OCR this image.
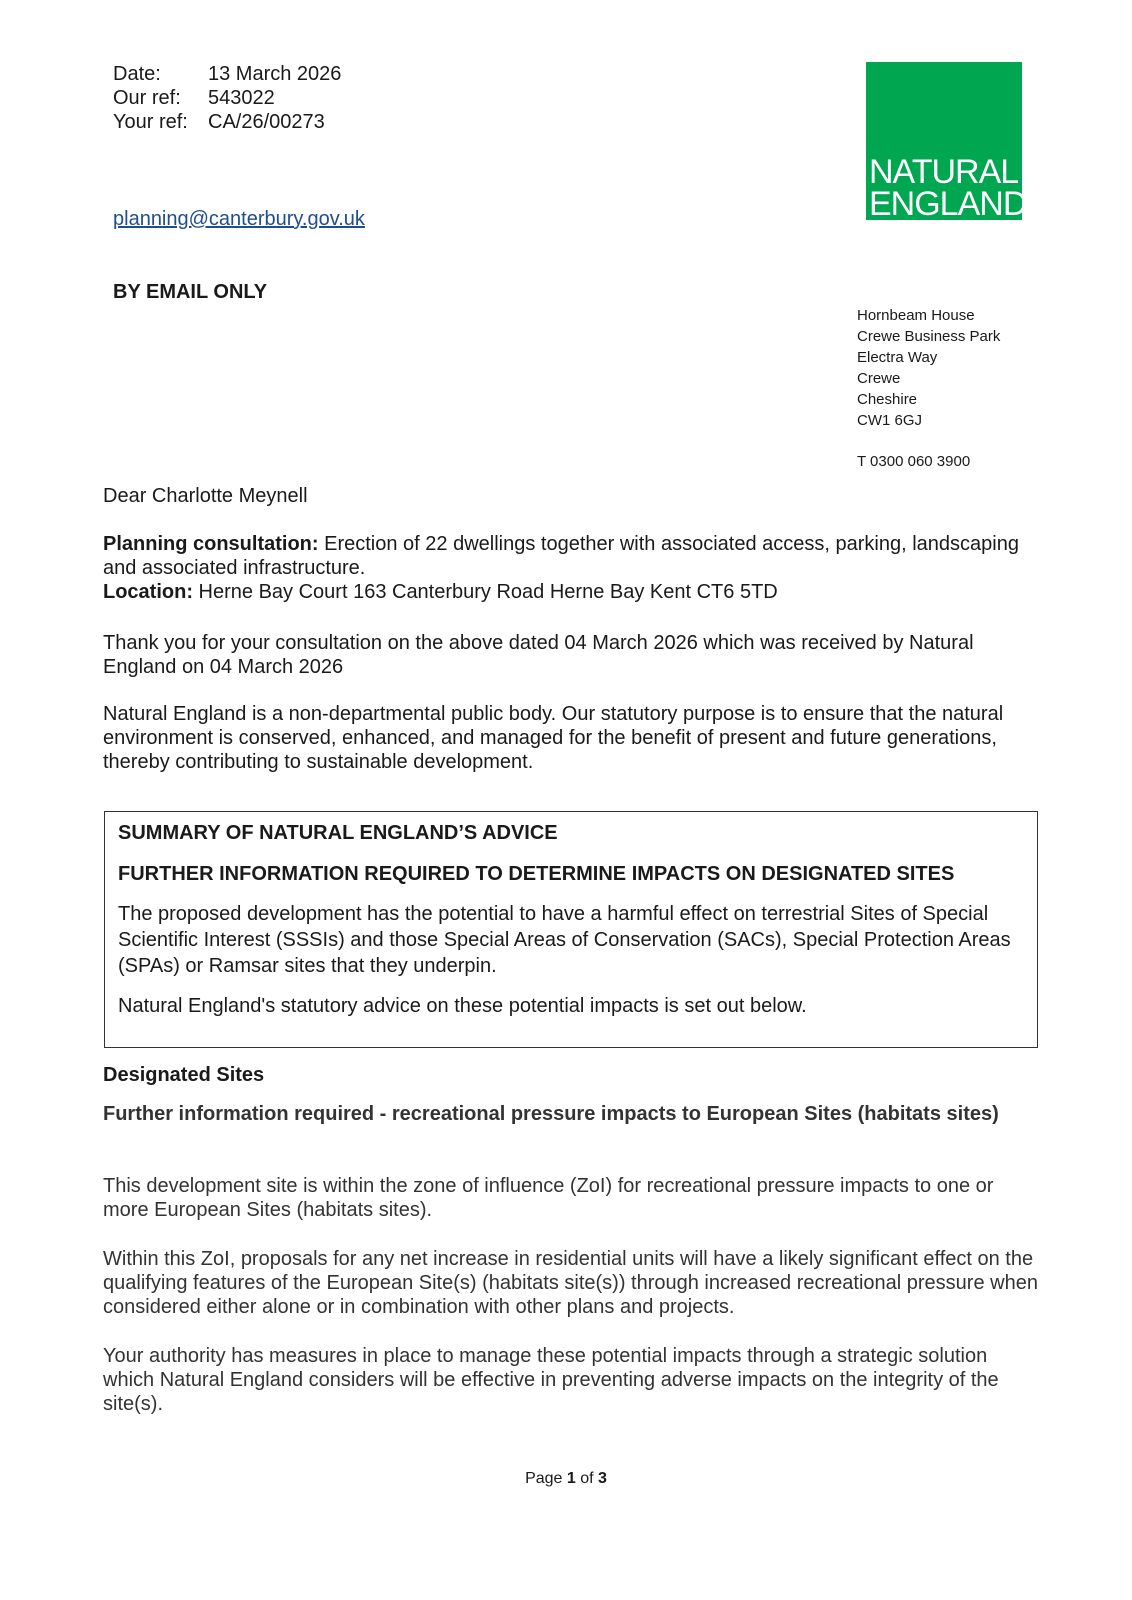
Date:	13 March 2026
Our ref:	543022
Your ref:	CA/26/00273
NATURAL
ENGLAND
planning@canterbury.gov.uk
BY EMAIL ONLY
Hornbeam House
Crewe Business Park
Electra Way
Crewe
Cheshire
CW1 6GJ
T 0300 060 3900
Dear Charlotte Meynell
Planning consultation: Erection of 22 dwellings together with associated access, parking, landscaping and associated infrastructure.
Location: Herne Bay Court 163 Canterbury Road Herne Bay Kent CT6 5TD
Thank you for your consultation on the above dated 04 March 2026 which was received by Natural England on 04 March 2026
Natural England is a non-departmental public body. Our statutory purpose is to ensure that the natural environment is conserved, enhanced, and managed for the benefit of present and future generations, thereby contributing to sustainable development.
SUMMARY OF NATURAL ENGLAND’S ADVICE
FURTHER INFORMATION REQUIRED TO DETERMINE IMPACTS ON DESIGNATED SITES

The proposed development has the potential to have a harmful effect on terrestrial Sites of Special Scientific Interest (SSSIs) and those Special Areas of Conservation (SACs), Special Protection Areas (SPAs) or Ramsar sites that they underpin.

Natural England's statutory advice on these potential impacts is set out below.

Designated Sites
Further information required - recreational pressure impacts to European Sites (habitats sites)
This development site is within the zone of influence (ZoI) for recreational pressure impacts to one or more European Sites (habitats sites).
Within this ZoI, proposals for any net increase in residential units will have a likely significant effect on the qualifying features of the European Site(s) (habitats site(s)) through increased recreational pressure when considered either alone or in combination with other plans and projects.
Your authority has measures in place to manage these potential impacts through a strategic solution which Natural England considers will be effective in preventing adverse impacts on the integrity of the site(s).
Page 1 of 3
